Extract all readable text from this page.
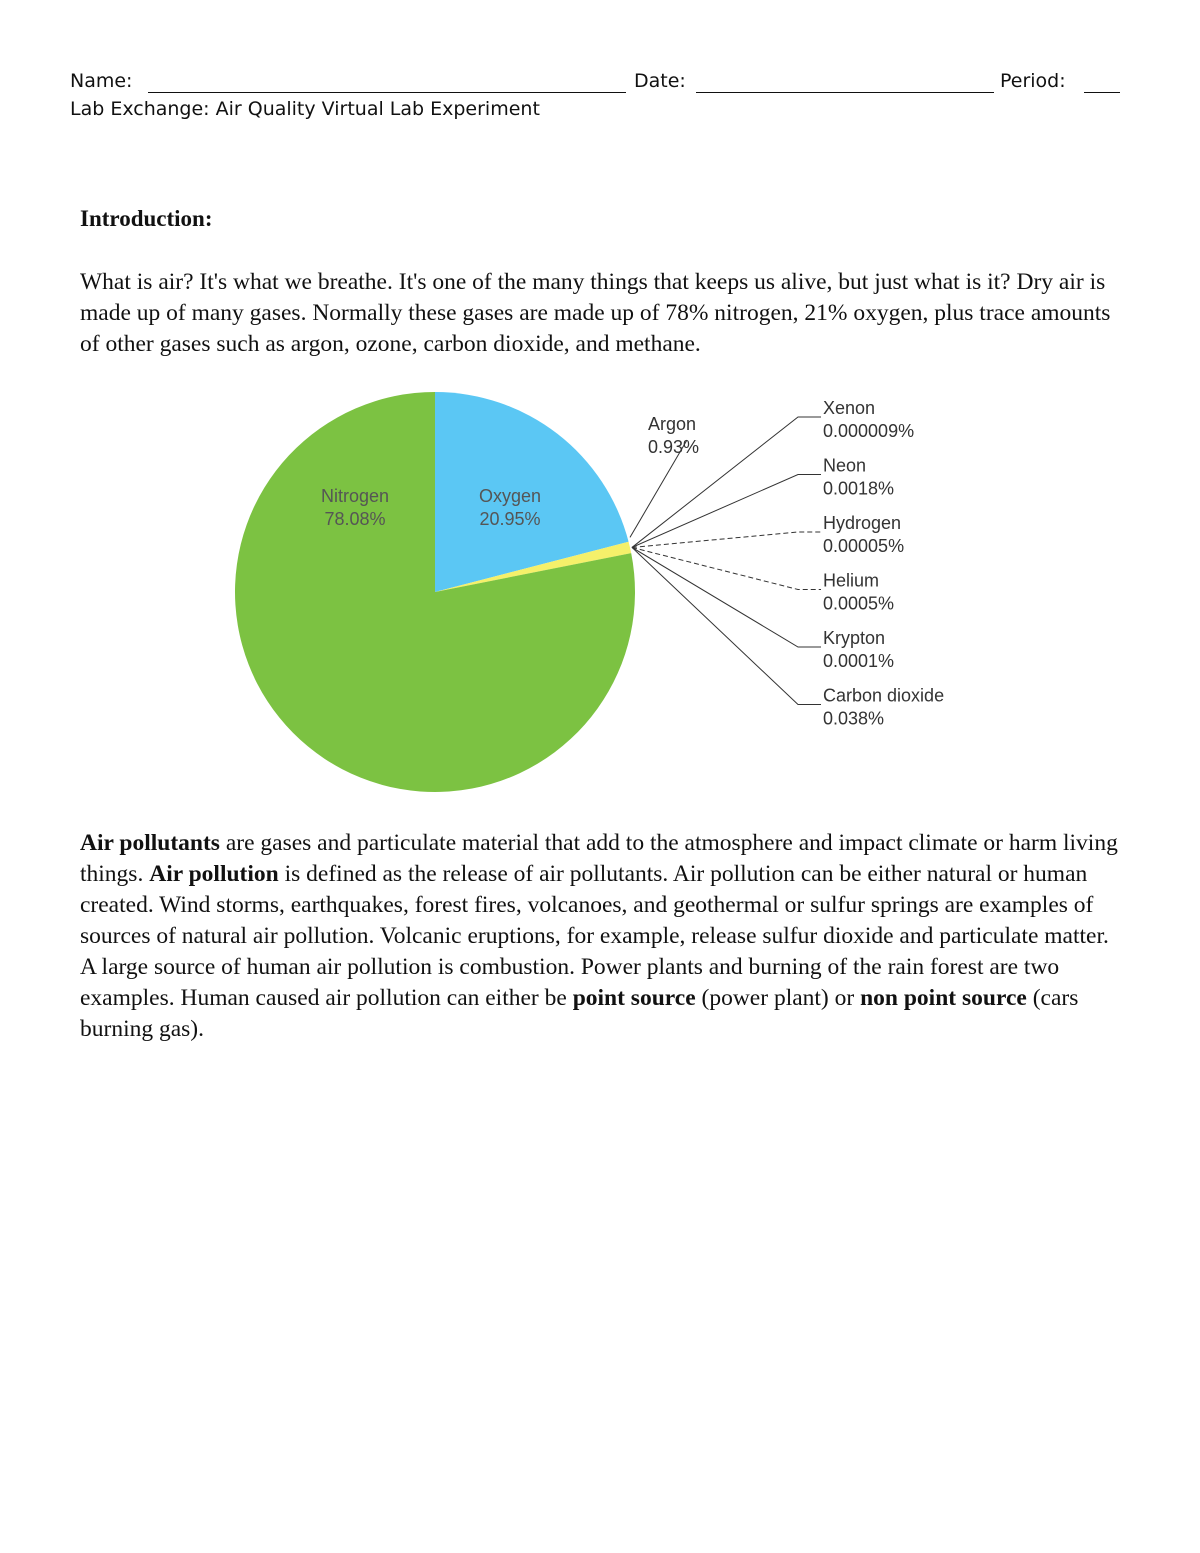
Name:	Date:	Period:
Lab Exchange: Air Quality Virtual Lab Experiment
Introduction:
What is air? It's what we breathe. It's one of the many things that keeps us alive, but just what is it? Dry air is made up of many gases. Normally these gases are made up of 78% nitrogen, 21% oxygen, plus trace amounts of other gases such as argon, ozone, carbon dioxide, and methane.
Nitrogen
78.08%
Oxygen
20.95%
Argon
0.93%
Xenon
0.000009%
Neon
0.0018%
Hydrogen
0.00005%
Helium
0.0005%
Krypton
0.0001%
Carbon dioxide
0.038%
Air pollutants are gases and particulate material that add to the atmosphere and impact climate or harm living things. Air pollution is defined as the release of air pollutants. Air pollution can be either natural or human created. Wind storms, earthquakes, forest fires, volcanoes, and geothermal or sulfur springs are examples of sources of natural air pollution. Volcanic eruptions, for example, release sulfur dioxide and particulate matter. A large source of human air pollution is combustion. Power plants and burning of the rain forest are two examples. Human caused air pollution can either be point source (power plant) or non point source (cars burning gas).
